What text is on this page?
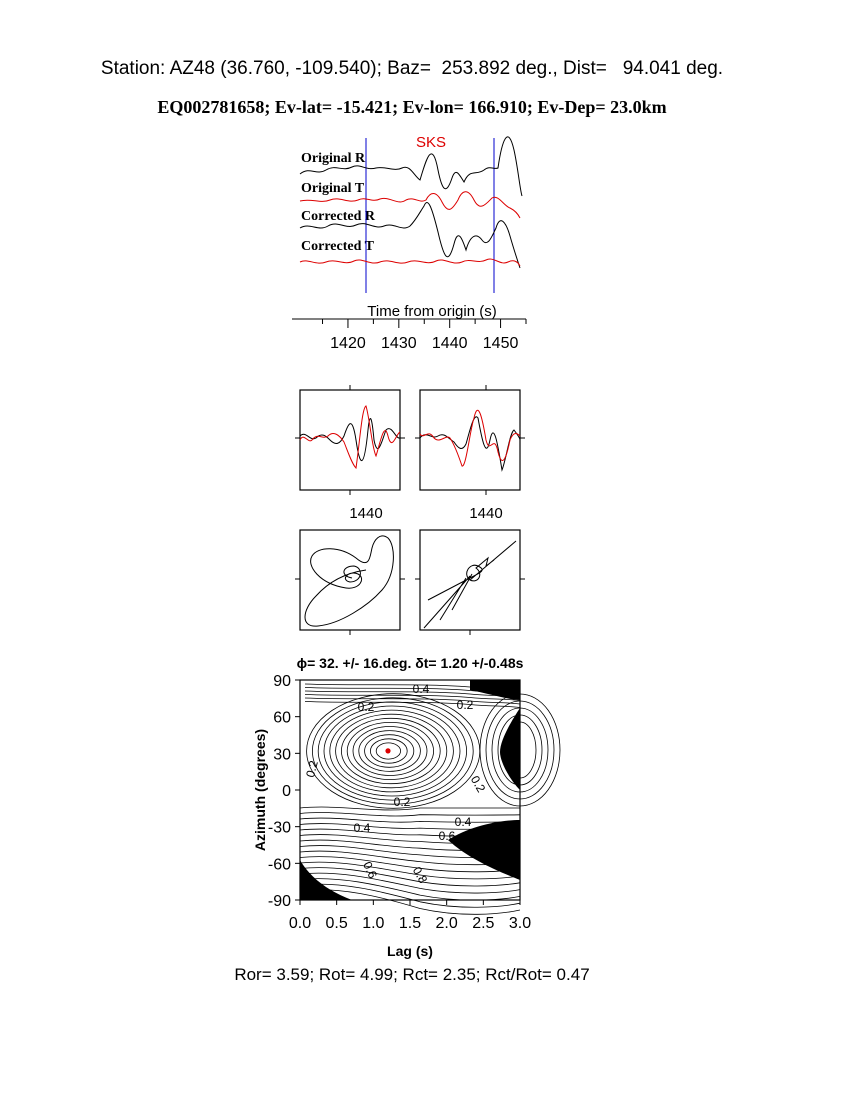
Station: AZ48 (36.760, -109.540); Baz=  253.892 deg., Dist=   94.041 deg.
EQ002781658; Ev-lat= -15.421; Ev-lon= 166.910; Ev-Dep= 23.0km
SKS
Original R
Original T
Corrected R
Corrected T
Time from origin (s)
1420 1430 1440 1450
1440	1440
ϕ= 32. +/- 16.deg. δt= 1.20 +/-0.48s
0.0 0.5 1.0 1.5 2.0 2.5 3.0
90
60
30
0
-30
-60
-90
0.4
0.2	0.2
0.2
0.2
0.2
0.4	0.4
0.6
0.8
0.6 0.8
Lag (s)
Azimuth (degrees)
Ror= 3.59; Rot= 4.99; Rct= 2.35; Rct/Rot= 0.47
